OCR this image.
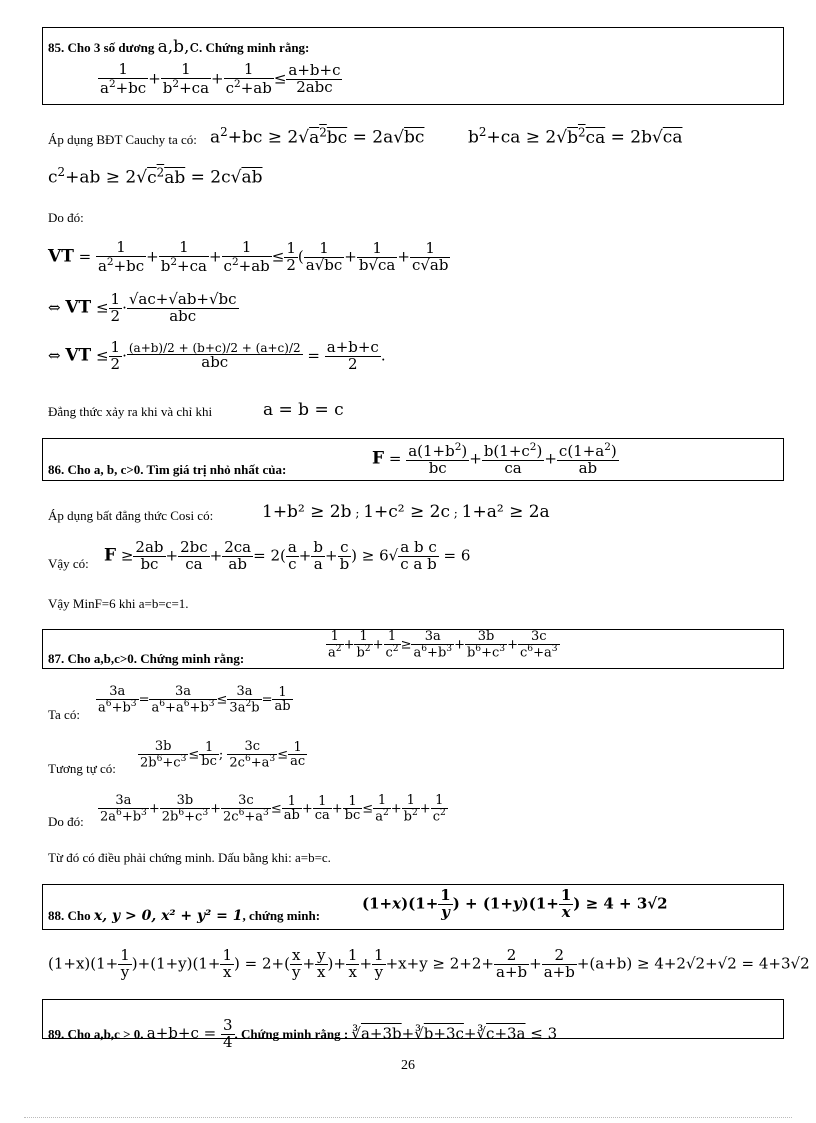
85. Cho 3 số dương a,b,c. Chứng minh rằng:
$\frac{1}{a^2+bc} + \frac{1}{b^2+ca} + \frac{1}{c^2+ab} \le \frac{a+b+c}{\text{2abc}}$
Áp dụng BĐT Cauchy ta có: $a^2+bc \ge 2√a^2bc = 2a√bc$	$b^2+ca \ge 2√b^2ca = 2b√ca$
$c^2+ab \ge 2√c^2ab = 2c√ab$
Do đó:
VT = $\frac{1}{a^2+bc} + \frac{1}{b^2+ca} + \frac{1}{c^2+ab} \le \frac{1}{2}$ ( $\frac{1}{a√bc} + \frac{1}{b√ca} + \frac{1}{c√ab}$
⇔ VT ≤ $\frac{1}{2} \cdot \frac{√ac+√ab+√bc}{\text{abc}}$
⇔ VT ≤ $\frac{1}{2} \cdot \frac{(a+b)/2 + (b+c)/2 + (a+c)/2}{\text{abc}} = \frac{a+b+c}{2}$ .
Đẳng thức xảy ra khi và chỉ khi	a = b = c
86. Cho a, b, c>0. Tìm giá trị nhỏ nhất của:
$F = \frac{a(1+b^2)}{bc} + \frac{b(1+c^2)}{ca} + \frac{c(1+a^2)}{ab}$
Áp dụng bất đẳng thức Cosi có:	1+b² ≥ 2b ; 1+c² ≥ 2c ; 1+a² ≥ 2a
Vậy có: $F \ge \frac{2ab}{bc} + \frac{2bc}{ca} + \frac{2ca}{ab} = 2( \frac{a}{c} + \frac{b}{a} + \frac{c}{b}$ ) ≥ $6√ \frac{\text{a b c}}{\text{c a b}} = 6$
Vậy MinF=6 khi a=b=c=1.
87. Cho a,b,c>0. Chứng minh rằng:	$\frac{1}{a^2} + \frac{1}{b^2} + \frac{1}{c^2} \ge \frac{3a}{a^6+b^3} + \frac{3b}{b^6+c^3} + \frac{3c}{c^6+a^3}$
Ta có: $\frac{3a}{a^6+b^3} = \frac{3a}{a^6+a^6+b^3} \le \frac{3a}{3a^2b} = \frac{1}{ab}$
Tương tự có: $\frac{3b}{2b^6+c^3} \le \frac{1}{bc}$ ; $\frac{3c}{2c^6+a^3} \le \frac{1}{ac}$
Do đó: $\frac{3a}{2a^6+b^3} + \frac{3b}{2b^6+c^3} + \frac{3c}{2c^6+a^3} \le \frac{1}{ab} + \frac{1}{ca} + \frac{1}{bc} \le \frac{1}{a^2} + \frac{1}{b^2} + \frac{1}{c^2}$
Từ đó có điều phải chứng minh. Dấu bằng khi: a=b=c.
88. Cho x, y > 0, x² + y² = 1, chứng minh:
$(1+x)(1+ \frac{1}{y}$ ) + $(1+y)(1+ \frac{1}{x}$ ) ≥ 4 + 3√2
$(1+x)(1+ \frac{1}{y} )+(1+y)(1+ \frac{1}{x}$ ) = $2+( \frac{x}{y} + \frac{y}{x}$ )+ $\frac{1}{x} + \frac{1}{y} +x+y \ge 2+2+ \frac{2}{a+b} + \frac{2}{a+b} +(a+b) \ge 4+2√2+√2 = 4+3√2$
89. Cho a,b,c > 0. $a+b+c = \frac{3}{4}$ . Chứng minh rằng : ∛a+3b+∛b+3c+∛c+3a ≤ 3
26
